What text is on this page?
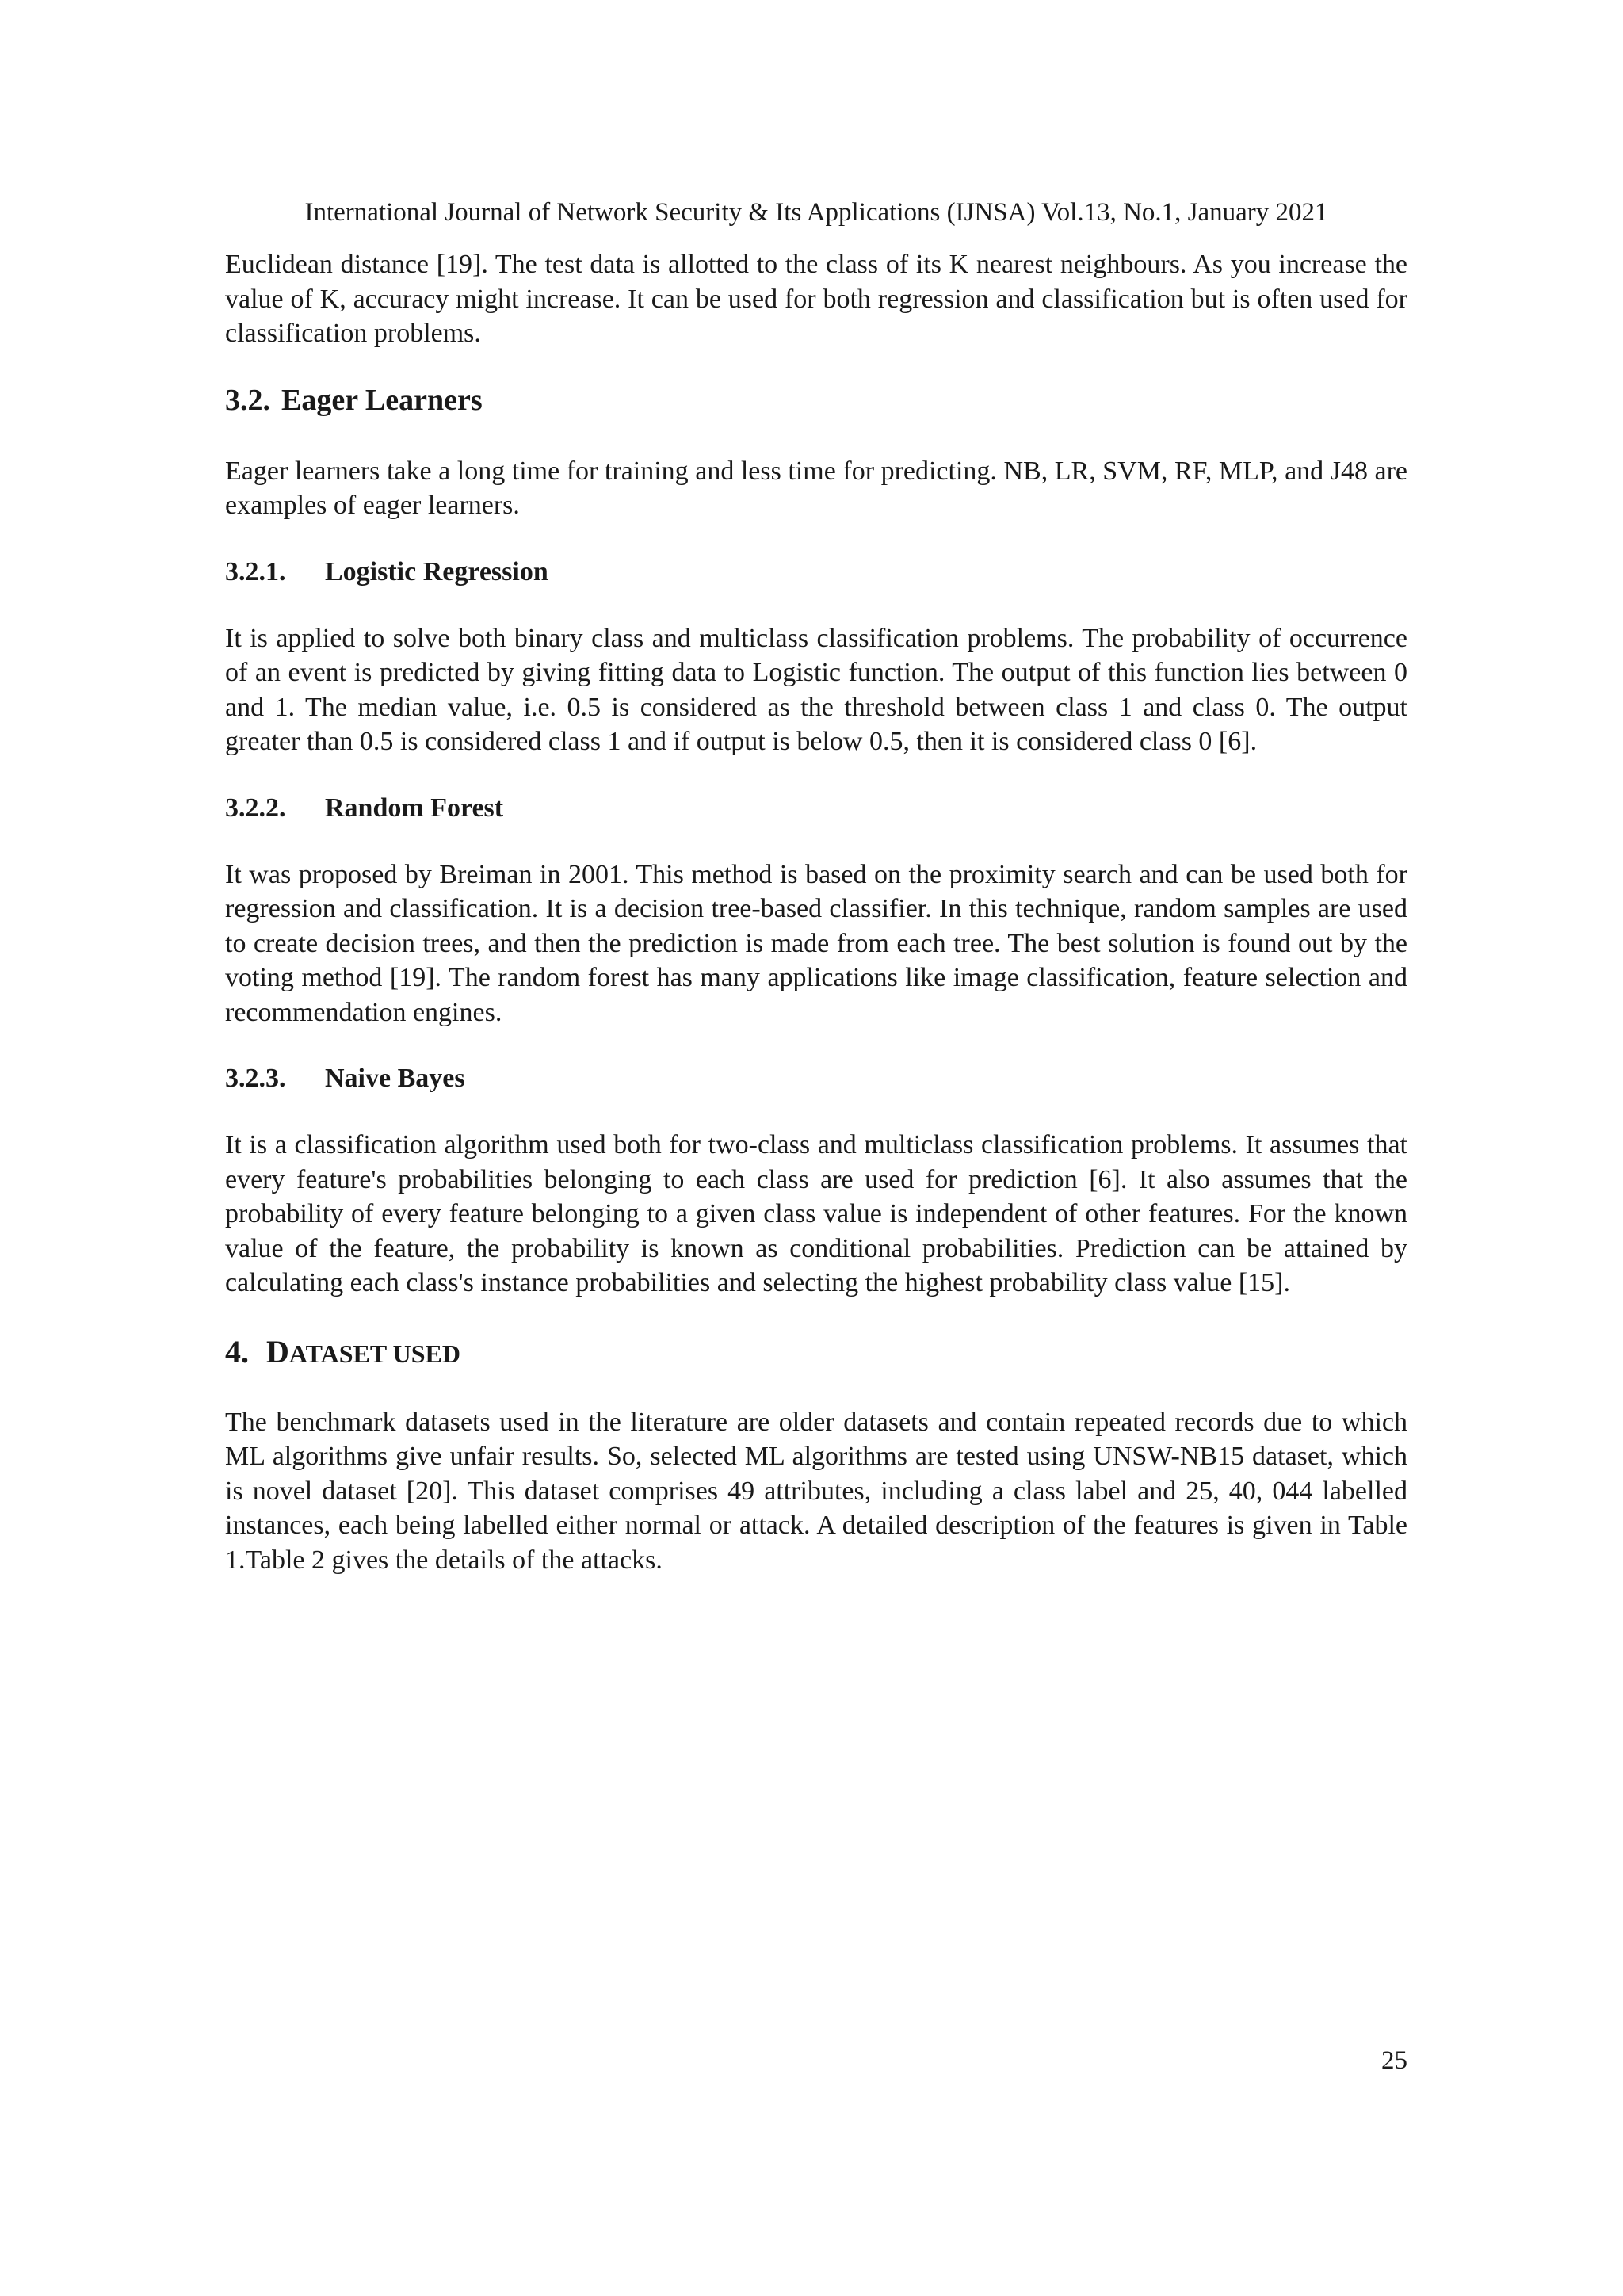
International Journal of Network Security & Its Applications (IJNSA) Vol.13, No.1, January 2021

Euclidean distance [19]. The test data is allotted to the class of its K nearest neighbours. As you increase the value of K, accuracy might increase. It can be used for both regression and classification but is often used for classification problems.

3.2. Eager Learners

Eager learners take a long time for training and less time for predicting. NB, LR, SVM, RF, MLP, and J48 are examples of eager learners.

3.2.1. Logistic Regression

It is applied to solve both binary class and multiclass classification problems. The probability of occurrence of an event is predicted by giving fitting data to Logistic function. The output of this function lies between 0 and 1. The median value, i.e. 0.5 is considered as the threshold between class 1 and class 0. The output greater than 0.5 is considered class 1 and if output is below 0.5, then it is considered class 0 [6].

3.2.2. Random Forest

It was proposed by Breiman in 2001. This method is based on the proximity search and can be used both for regression and classification. It is a decision tree-based classifier. In this technique, random samples are used to create decision trees, and then the prediction is made from each tree. The best solution is found out by the voting method [19]. The random forest has many applications like image classification, feature selection and recommendation engines.

3.2.3. Naive Bayes

It is a classification algorithm used both for two-class and multiclass classification problems. It assumes that every feature's probabilities belonging to each class are used for prediction [6]. It also assumes that the probability of every feature belonging to a given class value is independent of other features. For the known value of the feature, the probability is known as conditional probabilities. Prediction can be attained by calculating each class's instance probabilities and selecting the highest probability class value [15].

4. DATASET USED

The benchmark datasets used in the literature are older datasets and contain repeated records due to which ML algorithms give unfair results. So, selected ML algorithms are tested using UNSW-NB15 dataset, which is novel dataset [20]. This dataset comprises 49 attributes, including a class label and 25, 40, 044 labelled instances, each being labelled either normal or attack. A detailed description of the features is given in Table 1.Table 2 gives the details of the attacks.

25
